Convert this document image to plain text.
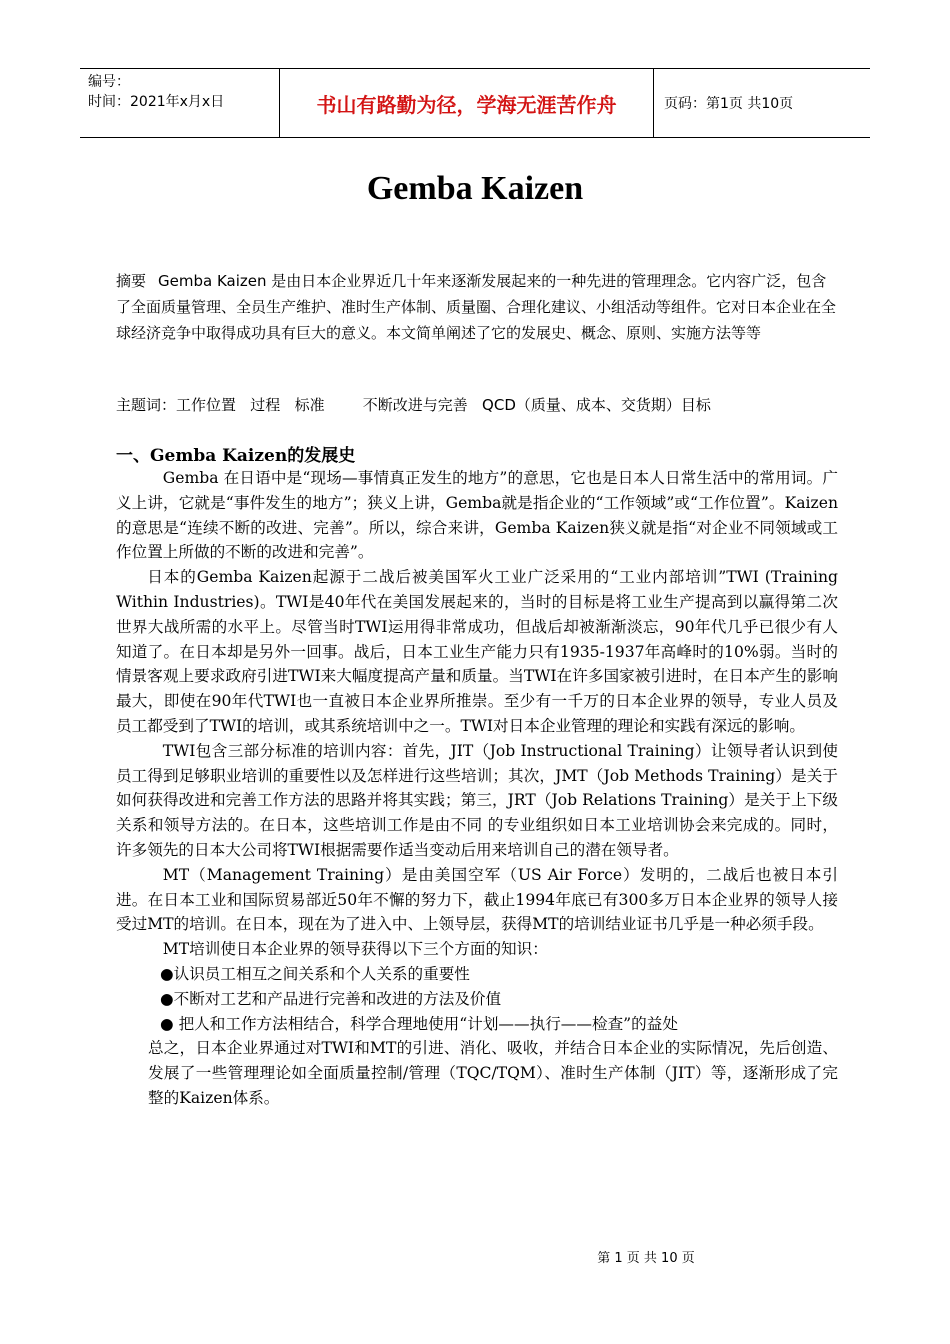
编号：
时间：2021年x月x日	书山有路勤为径，学海无涯苦作舟	页码：第1页 共10页
Gemba Kaizen
摘要 Gemba Kaizen 是由日本企业界近几十年来逐渐发展起来的一种先进的管理理念。它内容广泛，包含了全面质量管理、全员生产维护、准时生产体制、质量圈、合理化建议、小组活动等组件。它对日本企业在全球经济竞争中取得成功具有巨大的意义。本文简单阐述了它的发展史、概念、原则、实施方法等等
主题词：工作位置   过程   标准        不断改进与完善   QCD（质量、成本、交货期）目标
一、Gemba Kaizen的发展史

Gemba 在日语中是“现场—事情真正发生的地方”的意思，它也是日本人日常生活中的常用词。广义上讲，它就是“事件发生的地方”；狭义上讲，Gemba就是指企业的“工作领域”或“工作位置”。Kaizen的意思是“连续不断的改进、完善”。所以，综合来讲，Gemba Kaizen狭义就是指“对企业不同领域或工作位置上所做的不断的改进和完善”。

日本的Gemba Kaizen起源于二战后被美国军火工业广泛采用的“工业内部培训”TWI (Training Within Industries)。TWI是40年代在美国发展起来的，当时的目标是将工业生产提高到以赢得第二次世界大战所需的水平上。尽管当时TWI运用得非常成功，但战后却被渐渐淡忘，90年代几乎已很少有人知道了。在日本却是另外一回事。战后，日本工业生产能力只有1935-1937年高峰时的10%弱。当时的情景客观上要求政府引进TWI来大幅度提高产量和质量。当TWI在许多国家被引进时，在日本产生的影响最大，即使在90年代TWI也一直被日本企业界所推崇。至少有一千万的日本企业界的领导，专业人员及员工都受到了TWI的培训，或其系统培训中之一。TWI对日本企业管理的理论和实践有深远的影响。

TWI包含三部分标准的培训内容：首先，JIT（Job Instructional Training）让领导者认识到使员工得到足够职业培训的重要性以及怎样进行这些培训；其次，JMT（Job Methods Training）是关于如何获得改进和完善工作方法的思路并将其实践；第三，JRT（Job Relations Training）是关于上下级关系和领导方法的。在日本，这些培训工作是由不同 的专业组织如日本工业培训协会来完成的。同时，许多领先的日本大公司将TWI根据需要作适当变动后用来培训自己的潜在领导者。

MT（Management Training）是由美国空军（US Air Force）发明的，二战后也被日本引进。在日本工业和国际贸易部近50年不懈的努力下，截止1994年底已有300多万日本企业界的领导人接受过MT的培训。在日本，现在为了进入中、上领导层，获得MT的培训结业证书几乎是一种必须手段。

MT培训使日本企业界的领导获得以下三个方面的知识：

●认识员工相互之间关系和个人关系的重要性
●不断对工艺和产品进行完善和改进的方法及价值
● 把人和工作方法相结合，科学合理地使用“计划——执行——检查”的益处

总之，日本企业界通过对TWI和MT的引进、消化、吸收，并结合日本企业的实际情况，先后创造、发展了一些管理理论如全面质量控制/管理（TQC/TQM）、准时生产体制（JIT）等，逐渐形成了完整的Kaizen体系。

第 1 页 共 10 页
